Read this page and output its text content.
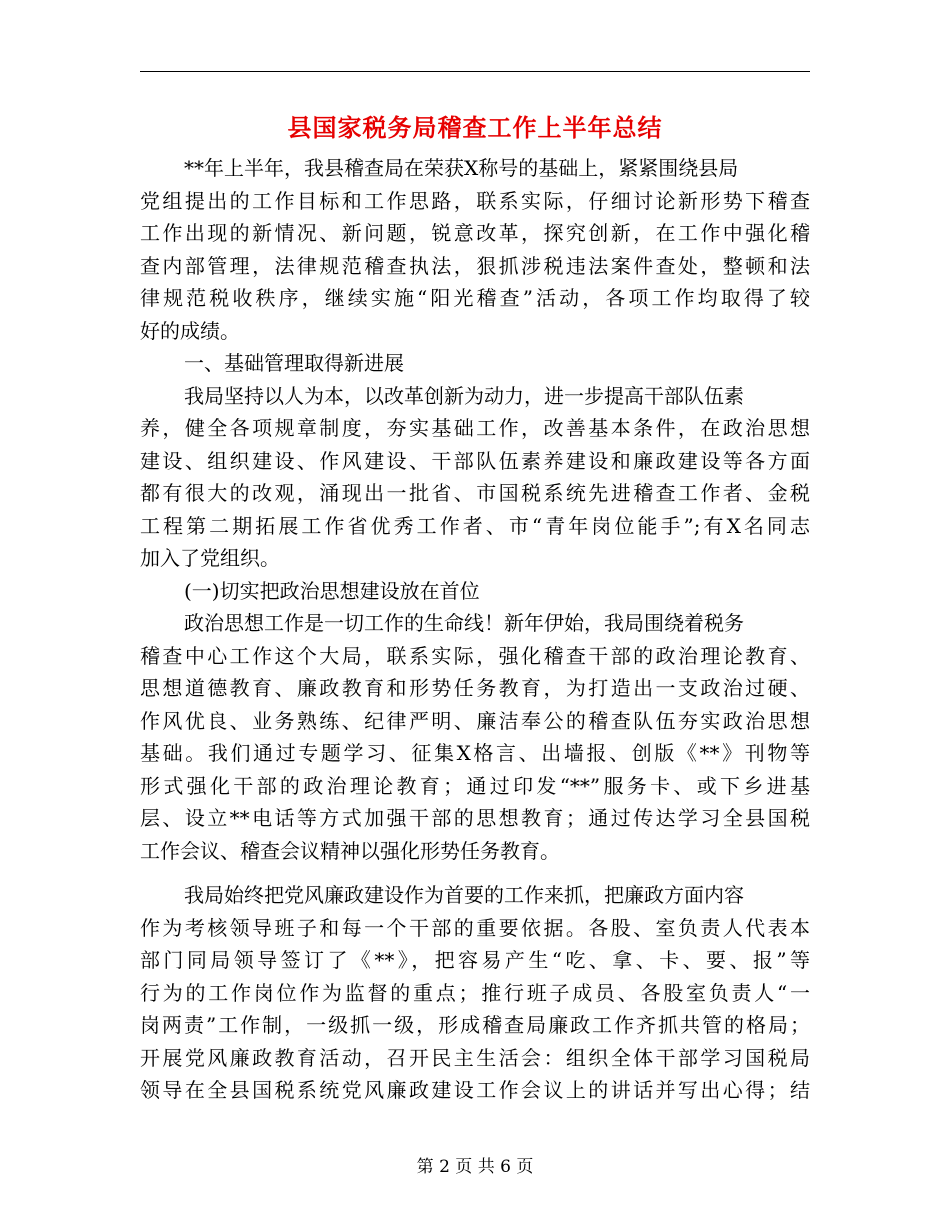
县国家税务局稽查工作上半年总结
**年上半年，我县稽查局在荣获X称号的基础上，紧紧围绕县局
党组提出的工作目标和工作思路，联系实际，仔细讨论新形势下稽查
工作出现的新情况、新问题，锐意改革，探究创新，在工作中强化稽
查内部管理，法律规范稽查执法，狠抓涉税违法案件查处，整顿和法
律规范税收秩序，继续实施“阳光稽查”活动，各项工作均取得了较
好的成绩。
一、基础管理取得新进展
我局坚持以人为本，以改革创新为动力，进一步提高干部队伍素
养，健全各项规章制度，夯实基础工作，改善基本条件，在政治思想
建设、组织建设、作风建设、干部队伍素养建设和廉政建设等各方面
都有很大的改观，涌现出一批省、市国税系统先进稽查工作者、金税
工程第二期拓展工作省优秀工作者、市“青年岗位能手”;有X名同志
加入了党组织。
(一)切实把政治思想建设放在首位
政治思想工作是一切工作的生命线！新年伊始，我局围绕着税务
稽查中心工作这个大局，联系实际，强化稽查干部的政治理论教育、
思想道德教育、廉政教育和形势任务教育，为打造出一支政治过硬、
作风优良、业务熟练、纪律严明、廉洁奉公的稽查队伍夯实政治思想
基础。我们通过专题学习、征集X格言、出墙报、创版《**》刊物等
形式强化干部的政治理论教育；通过印发“**”服务卡、或下乡进基
层、设立**电话等方式加强干部的思想教育；通过传达学习全县国税
工作会议、稽查会议精神以强化形势任务教育。
我局始终把党风廉政建设作为首要的工作来抓，把廉政方面内容
作为考核领导班子和每一个干部的重要依据。各股、室负责人代表本
部门同局领导签订了《**》，把容易产生“吃、拿、卡、要、报”等
行为的工作岗位作为监督的重点；推行班子成员、各股室负责人“一
岗两责”工作制，一级抓一级，形成稽查局廉政工作齐抓共管的格局；
开展党风廉政教育活动，召开民主生活会：组织全体干部学习国税局
领导在全县国税系统党风廉政建设工作会议上的讲话并写出心得；结
第 2 页 共 6 页
